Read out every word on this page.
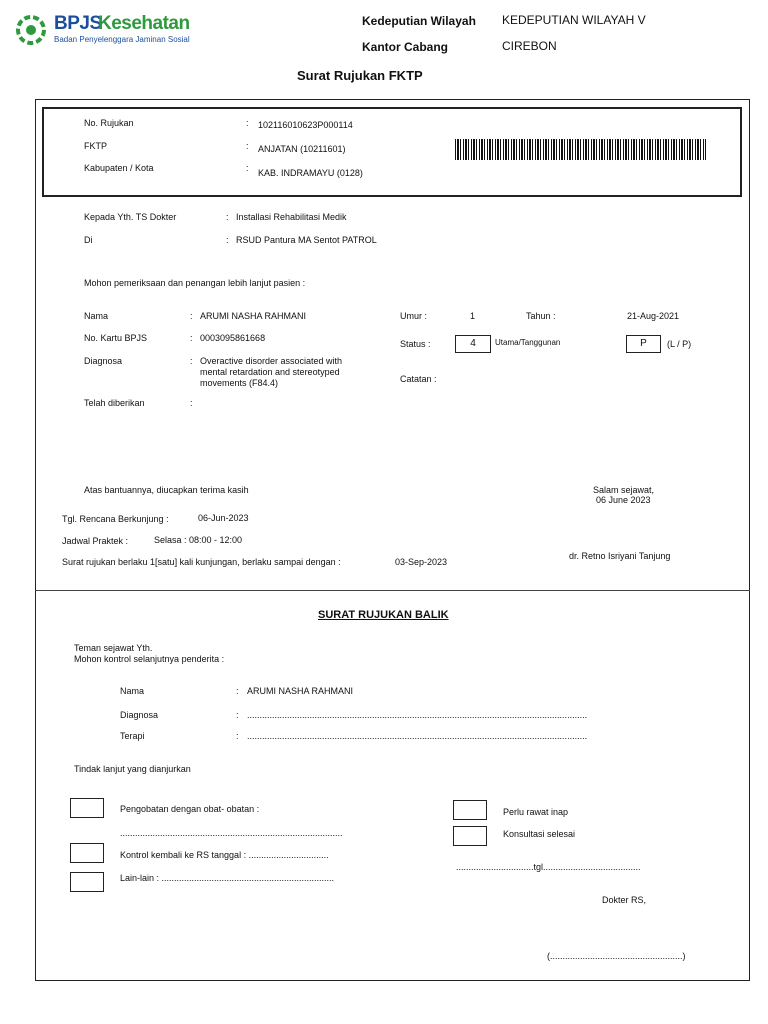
BPJS
Kesehatan
Badan Penyelenggara Jaminan Sosial
Kedeputian Wilayah KEDEPUTIAN WILAYAH V
Kantor Cabang	CIREBON
Surat Rujukan FKTP
No. Rujukan	: 102116010623P000114
FKTP	: ANJATAN (10211601)
Kabupaten / Kota	: KAB. INDRAMAYU (0128)
Kepada Yth. TS Dokter	: Installasi Rehabilitasi Medik
Di	: RSUD Pantura MA Sentot PATROL
Mohon pemeriksaan dan penangan lebih lanjut pasien :
Nama	: ARUMI NASHA RAHMANI
No. Kartu BPJS	: 0003095861668
Diagnosa	: Overactive disorder associated with
mental retardation and stereotyped
movements (F84.4)
Telah diberikan	:
Umur :	1	Tahun :	21-Aug-2021
Status :	4	Utama/Tanggunan	P	(L / P)
Catatan :
Atas bantuannya, diucapkan terima kasih	Salam sejawat,
06 June 2023
Tgl. Rencana Berkunjung :	06-Jun-2023
Jadwal Praktek :	Selasa : 08:00 - 12:00
Surat rujukan berlaku 1[satu] kali kunjungan, berlaku sampai dengan :	03-Sep-2023
dr. Retno Isriyani Tanjung
SURAT RUJUKAN BALIK
Teman sejawat Yth.
Mohon kontrol selanjutnya penderita :
Nama	: ARUMI NASHA RAHMANI
Diagnosa	: ........................................................................................................................................
Terapi	: ........................................................................................................................................
Tindak lanjut yang dianjurkan
Pengobatan dengan obat- obatan :
.........................................................................................
Kontrol kembali ke RS tanggal : ................................
Lain-lain : .....................................................................
Perlu rawat inap
Konsultasi selesai
...............................tgl.......................................
Dokter RS,
(.....................................................)
